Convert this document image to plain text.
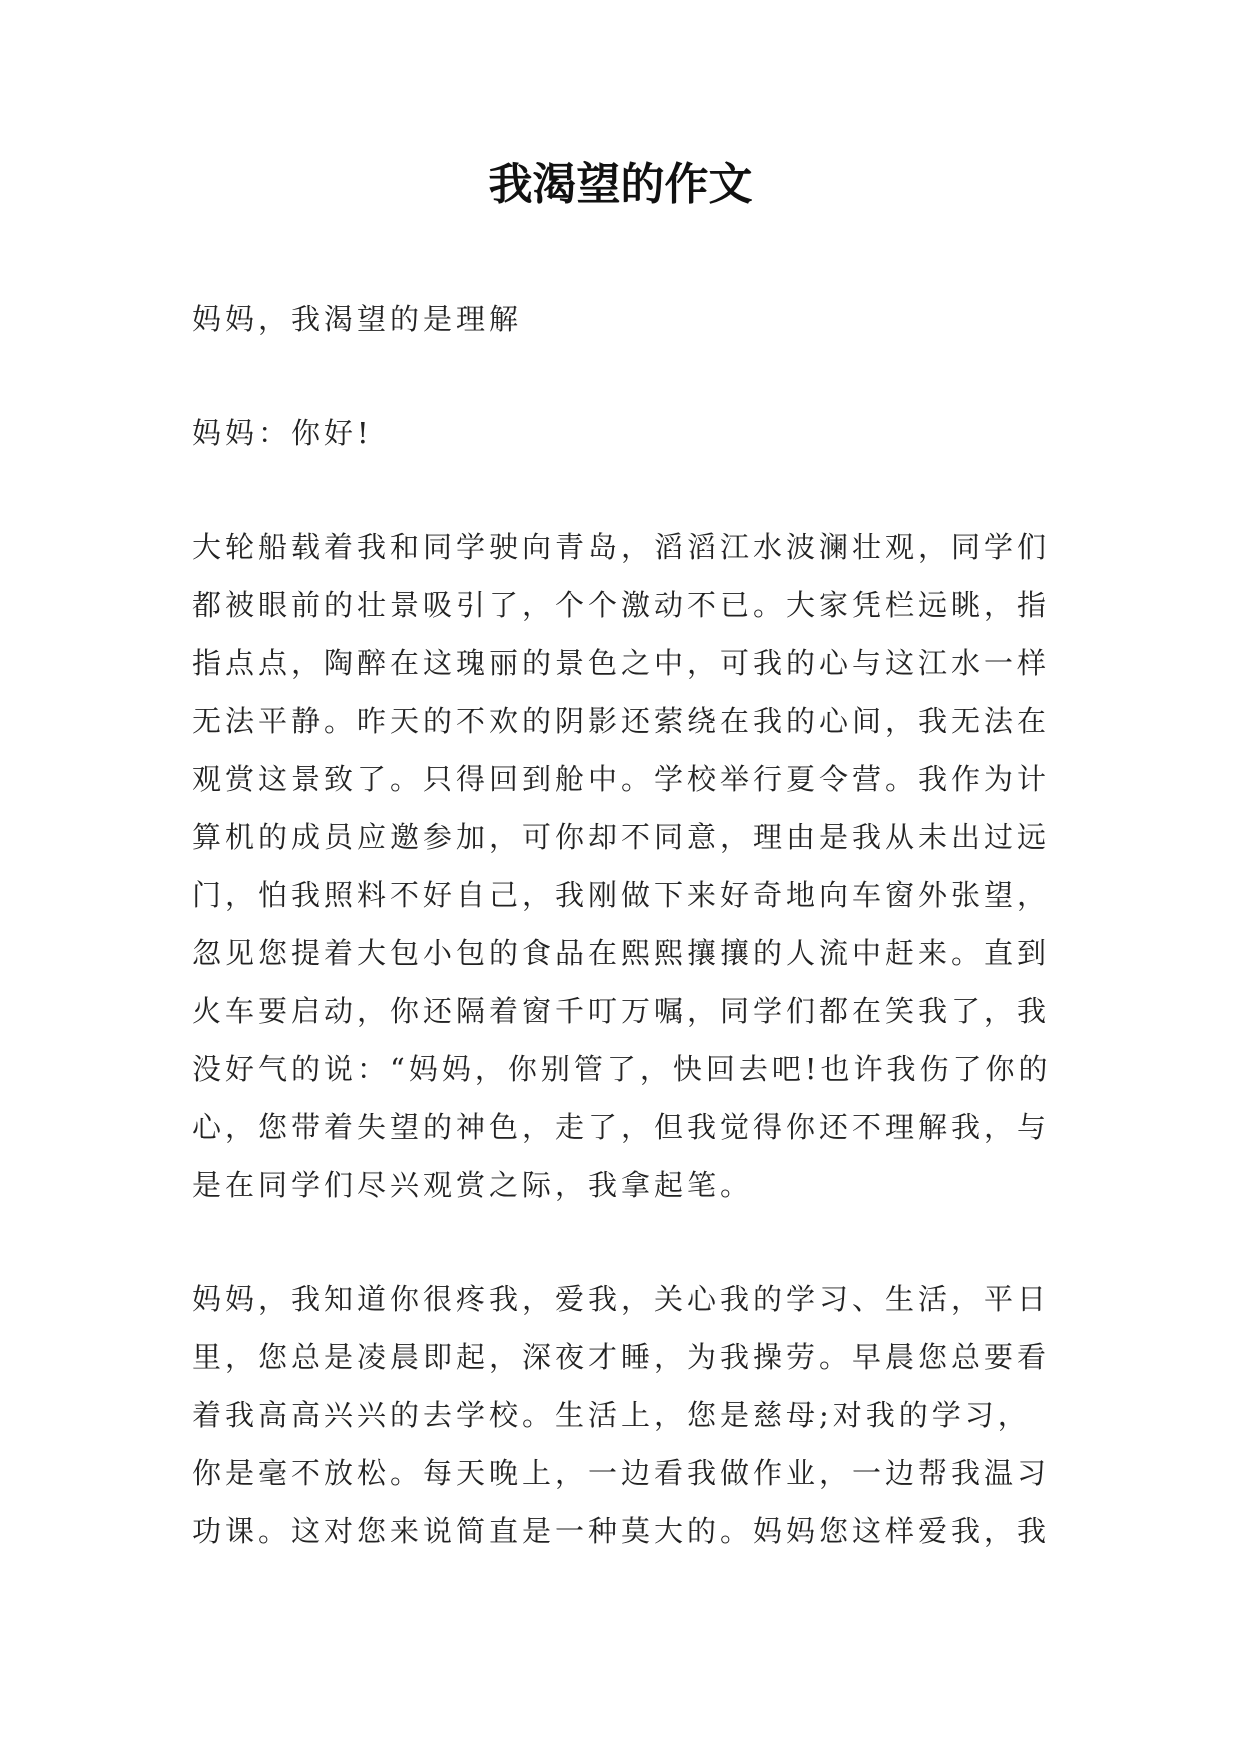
我渴望的作文

妈妈，我渴望的是理解

妈妈：你好!

大轮船载着我和同学驶向青岛，滔滔江水波澜壮观，同学们
都被眼前的壮景吸引了，个个激动不已。大家凭栏远眺，指
指点点，陶醉在这瑰丽的景色之中，可我的心与这江水一样
无法平静。昨天的不欢的阴影还萦绕在我的心间，我无法在
观赏这景致了。只得回到舱中。学校举行夏令营。我作为计
算机的成员应邀参加，可你却不同意，理由是我从未出过远
门，怕我照料不好自己，我刚做下来好奇地向车窗外张望，
忽见您提着大包小包的食品在熙熙攘攘的人流中赶来。直到
火车要启动，你还隔着窗千叮万嘱，同学们都在笑我了，我
没好气的说：“妈妈，你别管了，快回去吧!也许我伤了你的
心，您带着失望的神色，走了，但我觉得你还不理解我，与
是在同学们尽兴观赏之际，我拿起笔。

妈妈，我知道你很疼我，爱我，关心我的学习、生活，平日
里，您总是凌晨即起，深夜才睡，为我操劳。早晨您总要看
着我高高兴兴的去学校。生活上，您是慈母;对我的学习，
你是毫不放松。每天晚上，一边看我做作业，一边帮我温习
功课。这对您来说简直是一种莫大的。妈妈您这样爱我，我
